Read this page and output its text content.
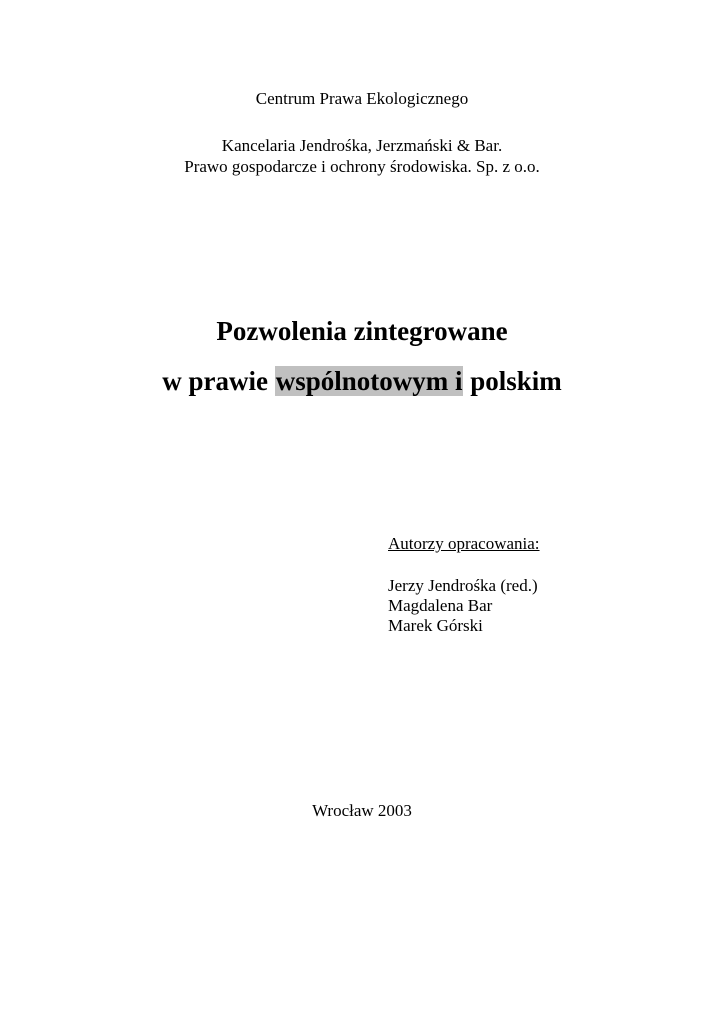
Centrum Prawa Ekologicznego
Kancelaria Jendrośka, Jerzmański & Bar.
Prawo gospodarcze i ochrony środowiska. Sp. z o.o.
Pozwolenia zintegrowane
w prawie wspólnotowym i polskim
Autorzy opracowania:
Jerzy Jendrośka (red.)
Magdalena Bar
Marek Górski
Wrocław 2003
